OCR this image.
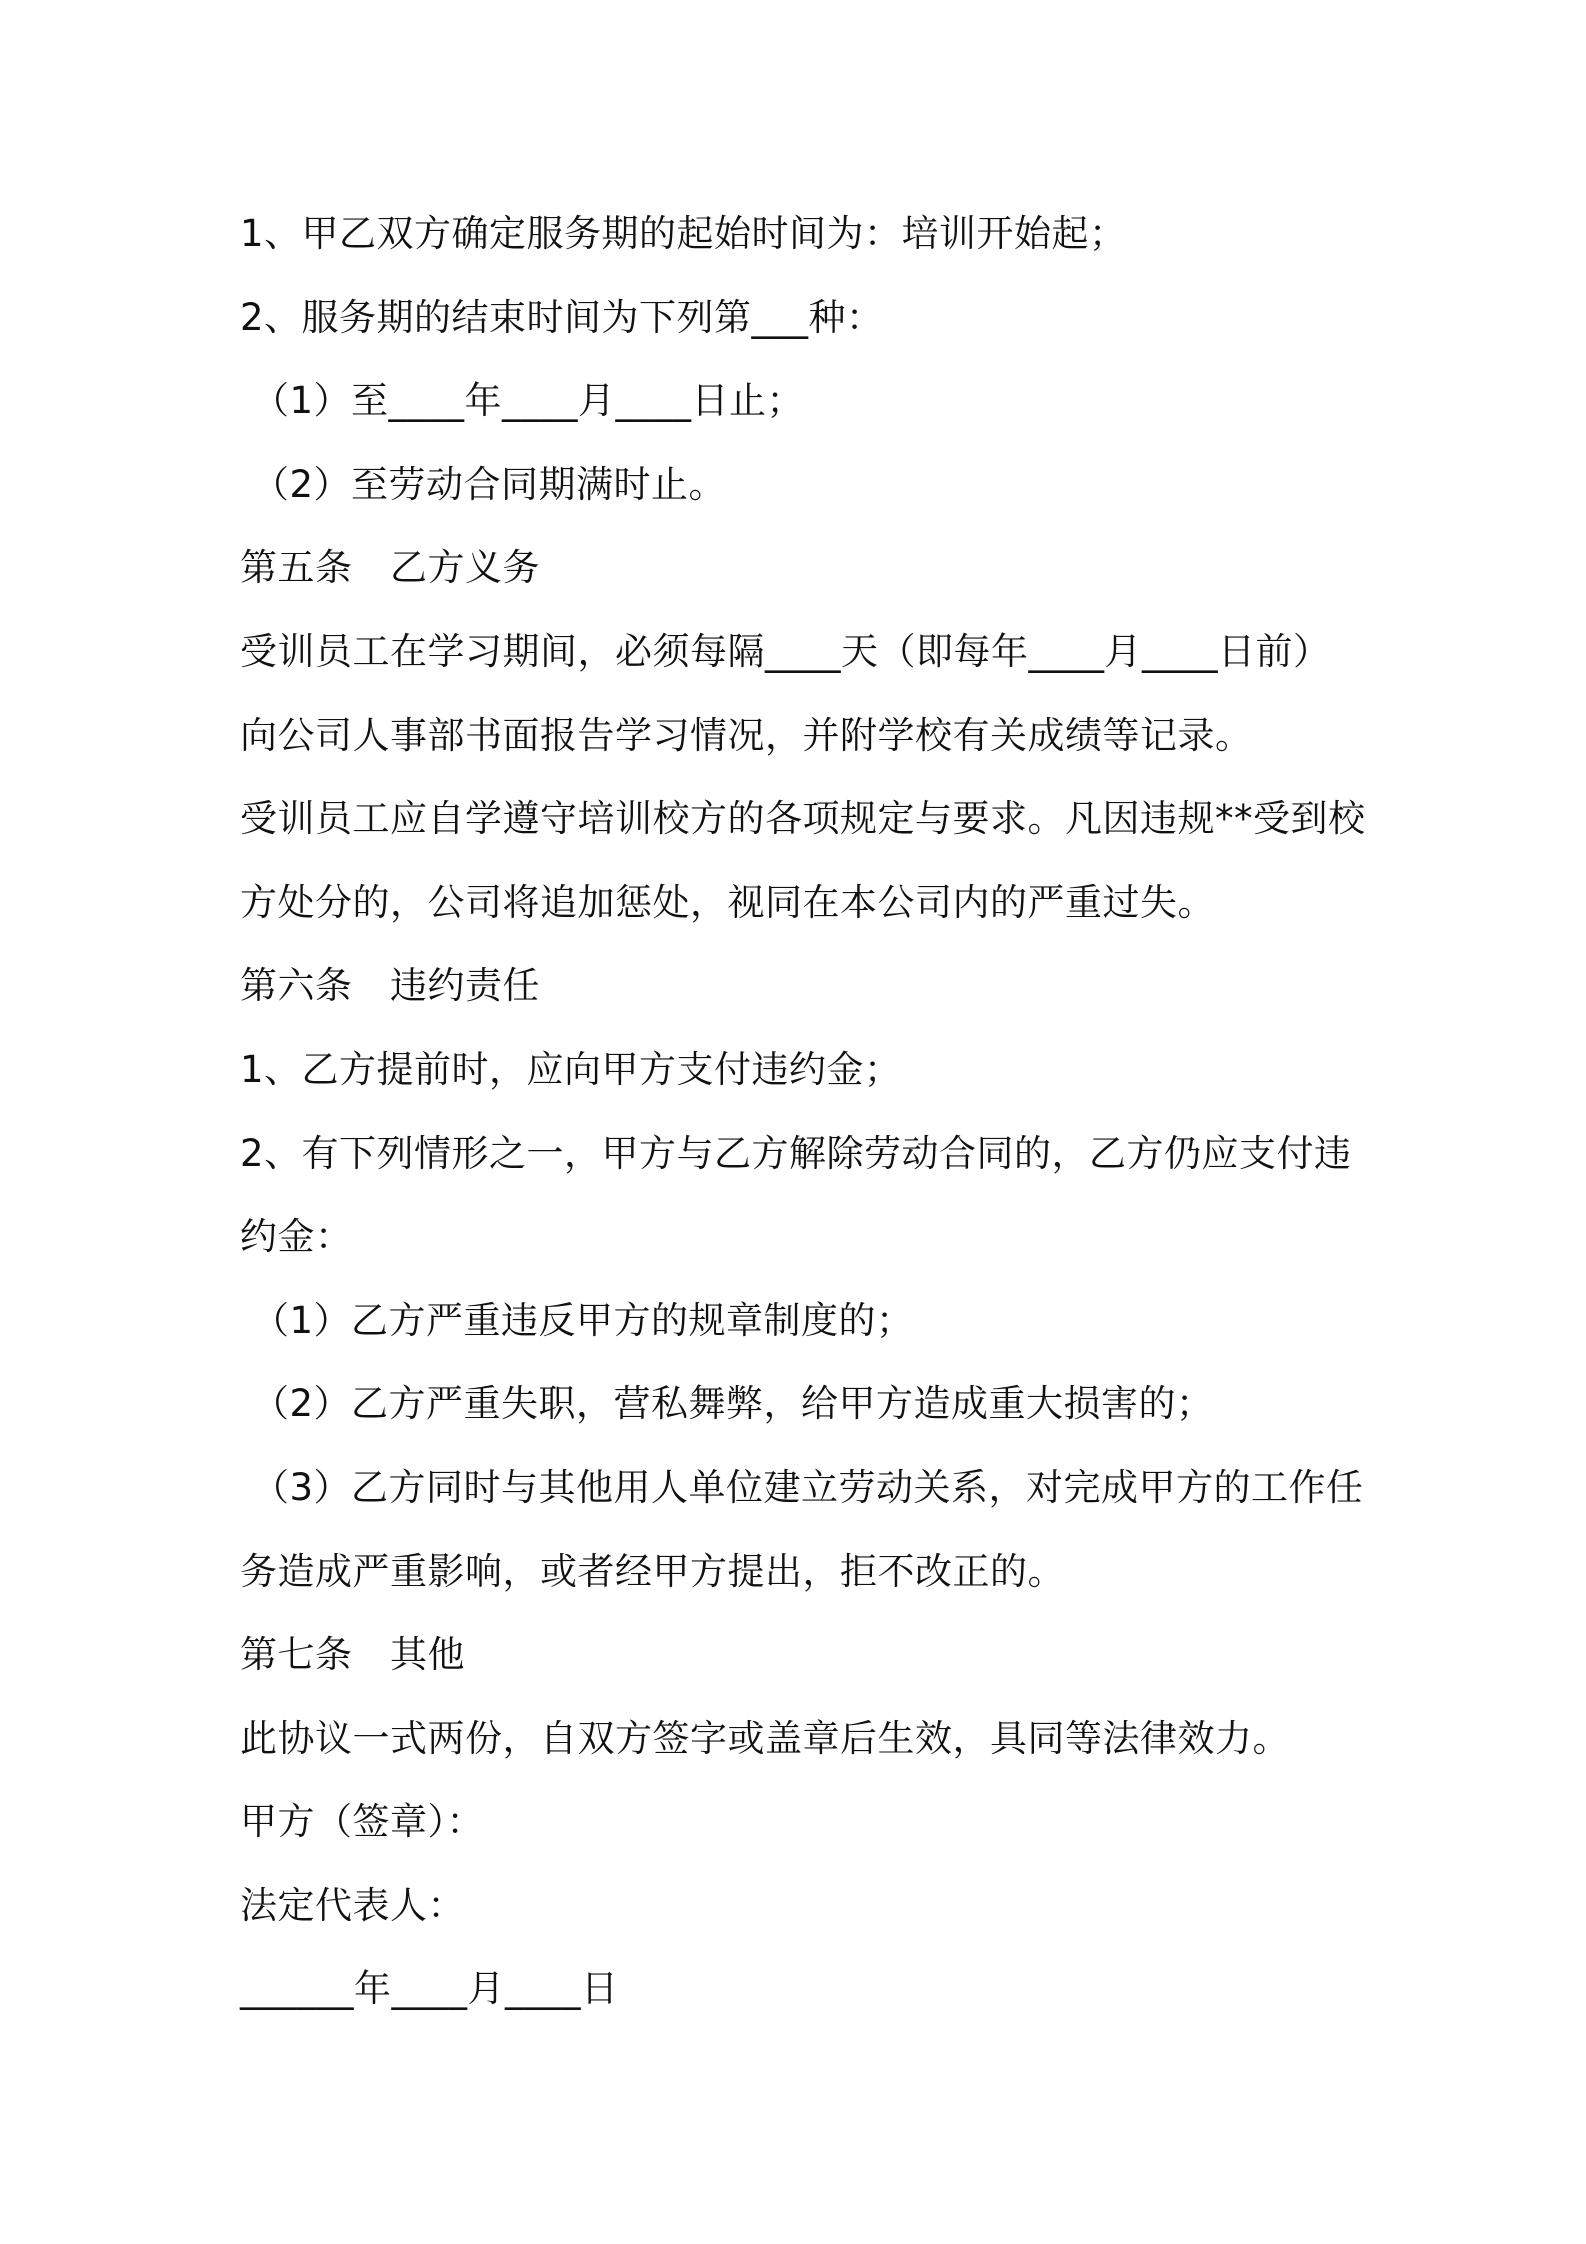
1、甲乙双方确定服务期的起始时间为：培训开始起；
2、服务期的结束时间为下列第___种：
（1）至____年____月____日止；
（2）至劳动合同期满时止。
第五条　乙方义务
受训员工在学习期间，必须每隔____天（即每年____月____日前）
向公司人事部书面报告学习情况，并附学校有关成绩等记录。
受训员工应自学遵守培训校方的各项规定与要求。凡因违规**受到校
方处分的，公司将追加惩处，视同在本公司内的严重过失。
第六条　违约责任
1、乙方提前时，应向甲方支付违约金；
2、有下列情形之一，甲方与乙方解除劳动合同的，乙方仍应支付违
约金：
（1）乙方严重违反甲方的规章制度的；
（2）乙方严重失职，营私舞弊，给甲方造成重大损害的；
（3）乙方同时与其他用人单位建立劳动关系，对完成甲方的工作任
务造成严重影响，或者经甲方提出，拒不改正的。
第七条　其他
此协议一式两份，自双方签字或盖章后生效，具同等法律效力。
甲方（签章）：
法定代表人：
______年____月____日
